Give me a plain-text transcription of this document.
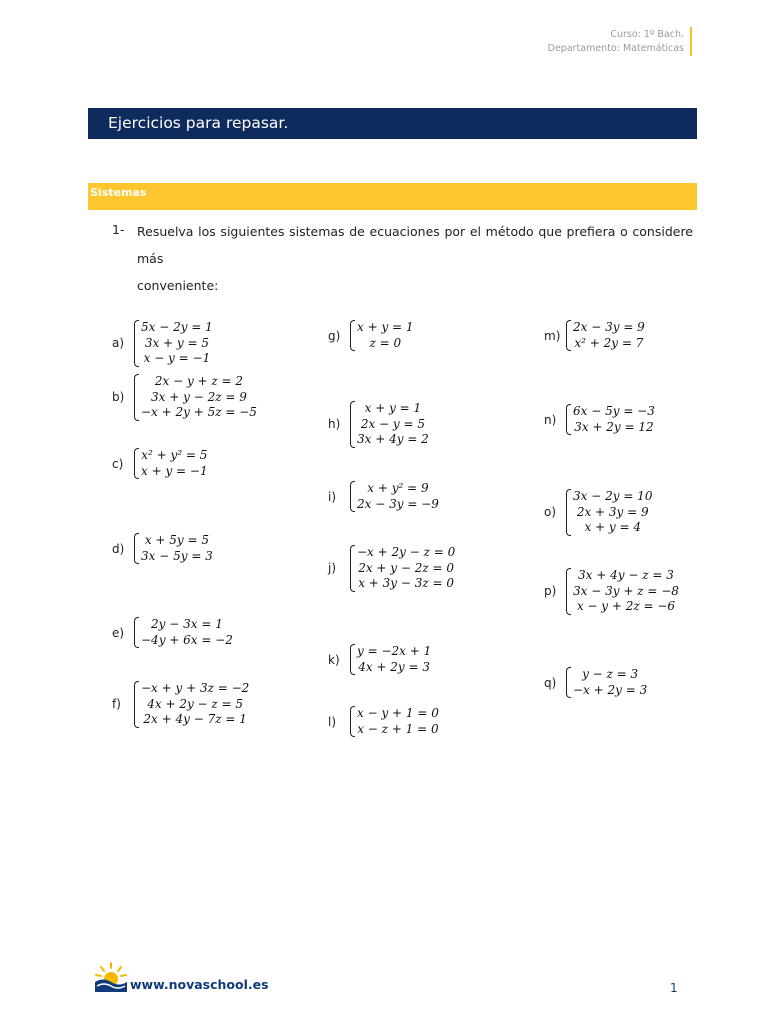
Curso: 1º Bach.
Departamento: Matemáticas
Ejercicios para repasar.
Sistemas
1- Resuelva los siguientes sistemas de ecuaciones por el método que prefiera o considere más
conveniente:
a)
5x − 2y = 1
3x + y = 5
x − y = −1
b)
2x − y + z = 2
3x + y − 2z = 9
−x + 2y + 5z = −5
c)
x² + y² = 5
x + y = −1
d)
x + 5y = 5
3x − 5y = 3
e)
2y − 3x = 1
−4y + 6x = −2
f)
−x + y + 3z = −2
4x + 2y − z = 5
2x + 4y − 7z = 1
g)
x + y = 1
z = 0
h)
x + y = 1
2x − y = 5
3x + 4y = 2
i)
x + y² = 9
2x − 3y = −9
j)
−x + 2y − z = 0
2x + y − 2z = 0
x + 3y − 3z = 0
k)
y = −2x + 1
4x + 2y = 3
l)
x − y + 1 = 0
x − z + 1 = 0
m)
2x − 3y = 9
x² + 2y = 7
n)
6x − 5y = −3
3x + 2y = 12
o)
3x − 2y = 10
2x + 3y = 9
x + y = 4
p)
3x + 4y − z = 3
3x − 3y + z = −8
x − y + 2z = −6
q)
y − z = 3
−x + 2y = 3
www.novaschool.es	1
